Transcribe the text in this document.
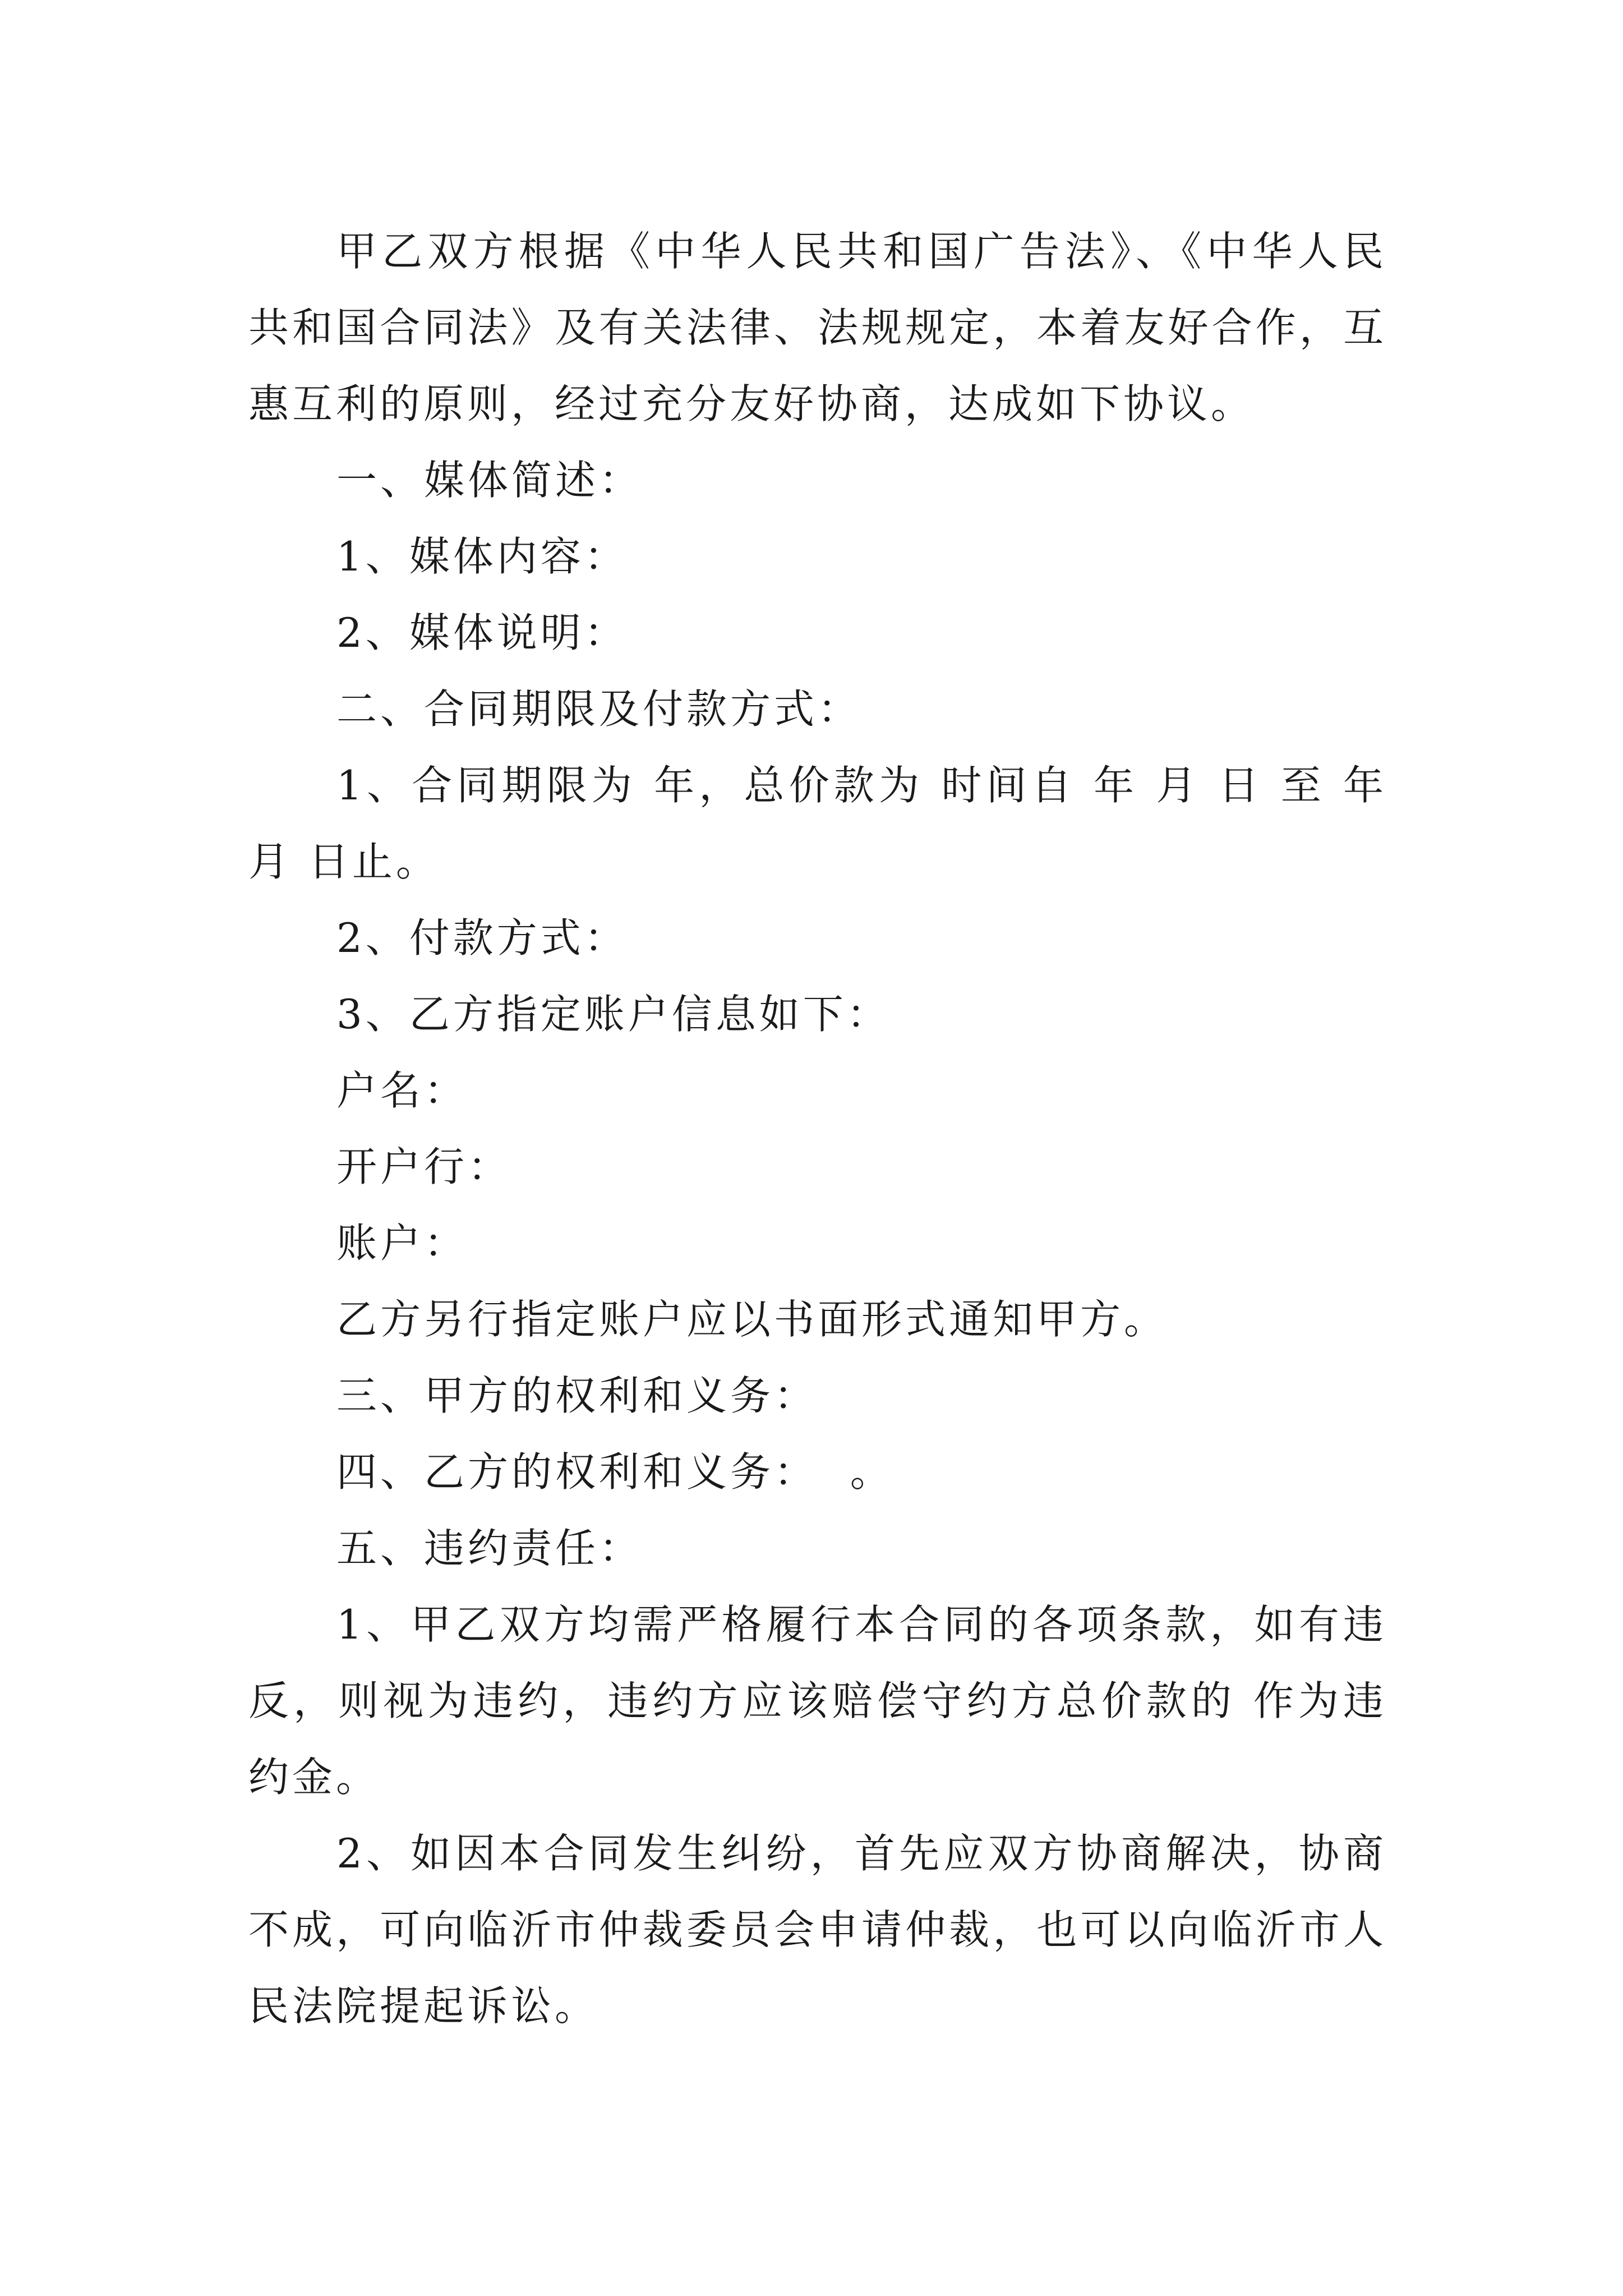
甲乙双方根据《中华人民共和国广告法》、《中华人民共和国合同法》及有关法律、法规规定，本着友好合作，互惠互利的原则，经过充分友好协商，达成如下协议。

一、媒体简述：

1、媒体内容：

2、媒体说明：

二、合同期限及付款方式：

1、合同期限为 年，总价款为 时间自 年 月 日 至 年月 日止。

2、付款方式：

3、乙方指定账户信息如下：

户名：

开户行：

账户：

乙方另行指定账户应以书面形式通知甲方。

三、甲方的权利和义务：

四、乙方的权利和义务：  。

五、违约责任：

1、甲乙双方均需严格履行本合同的各项条款，如有违反，则视为违约，违约方应该赔偿守约方总价款的 作为违约金。

2、如因本合同发生纠纷，首先应双方协商解决，协商不成，可向临沂市仲裁委员会申请仲裁，也可以向临沂市人民法院提起诉讼。
